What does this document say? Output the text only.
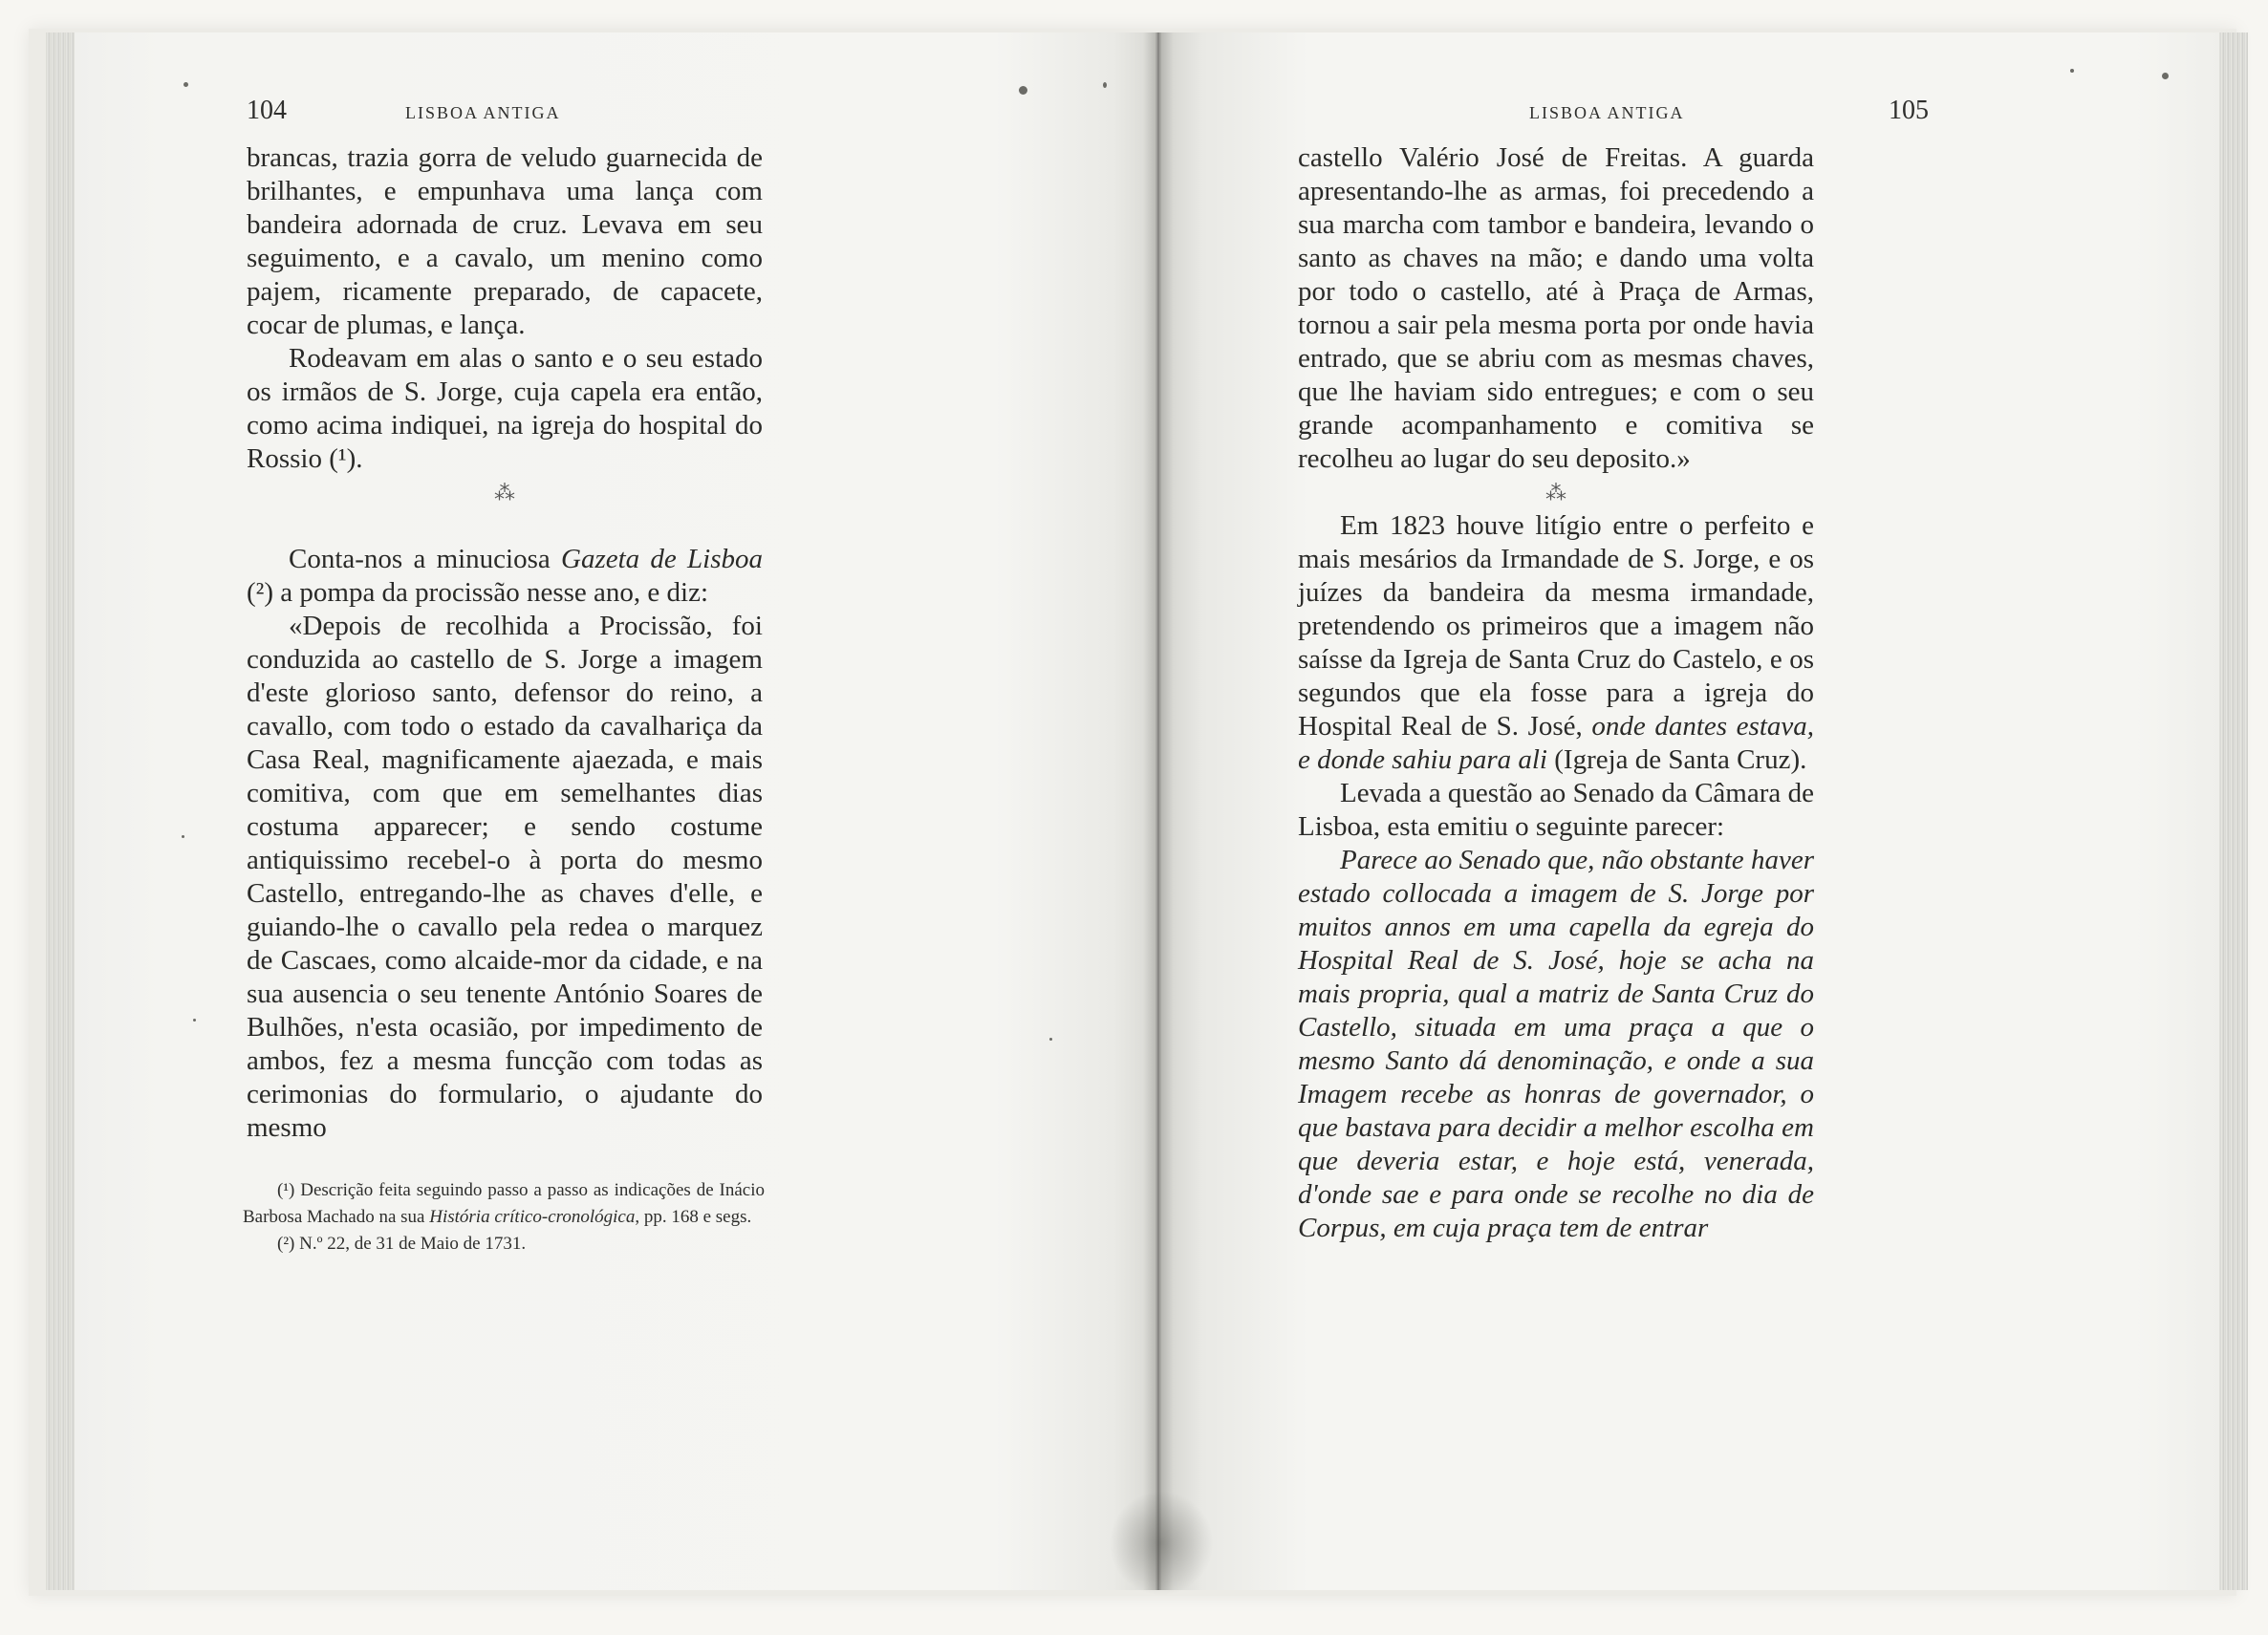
104	LISBOA ANTIGA

brancas, trazia gorra de veludo guarnecida de brilhantes, e empunhava uma lança com bandeira adornada de cruz. Levava em seu seguimento, e a cavalo, um menino como pajem, ricamente preparado, de capacete, cocar de plumas, e lança.

Rodeavam em alas o santo e o seu estado os irmãos de S. Jorge, cuja capela era então, como acima indiquei, na igreja do hospital do Rossio (¹).

⁂

Conta-nos a minuciosa Gazeta de Lisboa (²) a pompa da procissão nesse ano, e diz:

«Depois de recolhida a Procissão, foi conduzida ao castello de S. Jorge a imagem d'este glorioso santo, defensor do reino, a cavallo, com todo o estado da cavalhariça da Casa Real, magnificamente ajaezada, e mais comitiva, com que em semelhantes dias costuma apparecer; e sendo costume antiquissimo recebel-o à porta do mesmo Castello, entregando-lhe as chaves d'elle, e guiando-lhe o cavallo pela redea o marquez de Cascaes, como alcaide-mor da cidade, e na sua ausencia o seu tenente António Soares de Bulhões, n'esta ocasião, por impedimento de ambos, fez a mesma funcção com todas as cerimonias do formulario, o ajudante do mesmo

(¹) Descrição feita seguindo passo a passo as indicações de Inácio Barbosa Machado na sua História crítico-cronológica, pp. 168 e segs.

(²) N.º 22, de 31 de Maio de 1731.

LISBOA ANTIGA	105

castello Valério José de Freitas. A guarda apresentando-lhe as armas, foi precedendo a sua marcha com tambor e bandeira, levando o santo as chaves na mão; e dando uma volta por todo o castello, até à Praça de Armas, tornou a sair pela mesma porta por onde havia entrado, que se abriu com as mesmas chaves, que lhe haviam sido entregues; e com o seu grande acompanhamento e comitiva se recolheu ao lugar do seu deposito.»

⁂

Em 1823 houve litígio entre o perfeito e mais mesários da Irmandade de S. Jorge, e os juízes da bandeira da mesma irmandade, pretendendo os primeiros que a imagem não saísse da Igreja de Santa Cruz do Castelo, e os segundos que ela fosse para a igreja do Hospital Real de S. José, onde dantes estava, e donde sahiu para ali (Igreja de Santa Cruz).

Levada a questão ao Senado da Câmara de Lisboa, esta emitiu o seguinte parecer:

Parece ao Senado que, não obstante haver estado collocada a imagem de S. Jorge por muitos annos em uma capella da egreja do Hospital Real de S. José, hoje se acha na mais propria, qual a matriz de Santa Cruz do Castello, situada em uma praça a que o mesmo Santo dá denominação, e onde a sua Imagem recebe as honras de governador, o que bastava para decidir a melhor escolha em que deveria estar, e hoje está, venerada, d'onde sae e para onde se recolhe no dia de Corpus, em cuja praça tem de entrar
